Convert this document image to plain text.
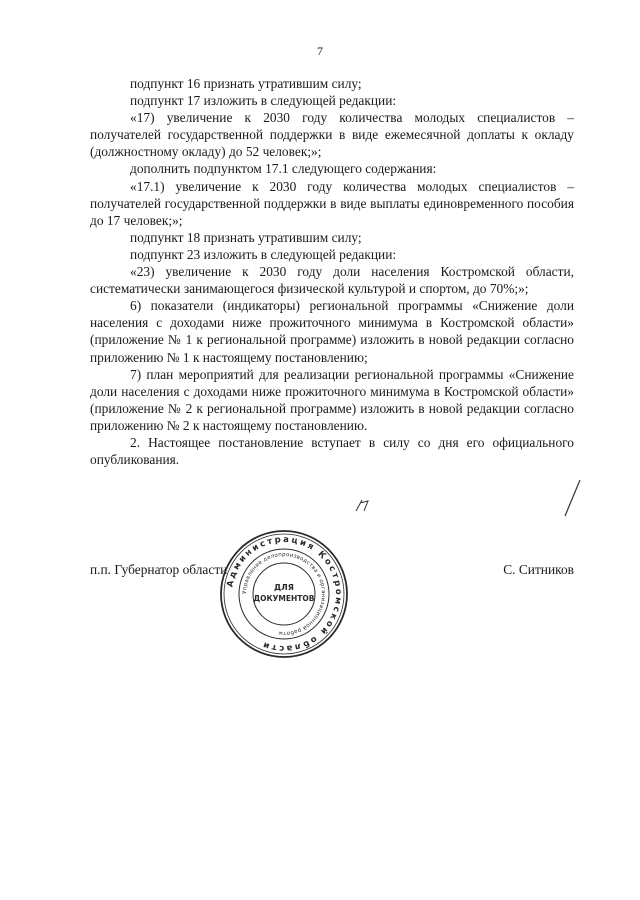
7

подпункт 16 признать утратившим силу;

подпункт 17 изложить в следующей редакции:

«17) увеличение к 2030 году количества молодых специалистов – получателей государственной поддержки в виде ежемесячной доплаты к окладу (должностному окладу) до 52 человек;»;

дополнить подпунктом 17.1 следующего содержания:

«17.1) увеличение к 2030 году количества молодых специалистов – получателей государственной поддержки в виде выплаты единовременного пособия до 17 человек;»;

подпункт 18 признать утратившим силу;

подпункт 23 изложить в следующей редакции:

«23) увеличение к 2030 году доли населения Костромской области, систематически занимающегося физической культурой и спортом, до 70%;»;

6) показатели (индикаторы) региональной программы «Снижение доли населения с доходами ниже прожиточного минимума в Костромской области» (приложение № 1 к региональной программе) изложить в новой редакции согласно приложению № 1 к настоящему постановлению;

7) план мероприятий для реализации региональной программы «Снижение доли населения с доходами ниже прожиточного минимума в Костромской области» (приложение № 2 к региональной программе) изложить в новой редакции согласно приложению № 2 к настоящему постановлению.

2. Настоящее постановление вступает в силу со дня его официального опубликования.

п.п. Губернатор области	С. Ситников
Администрация Костромской области
Управление делопроизводства и организационной работы
ДЛЯ
ДОКУМЕНТОВ
